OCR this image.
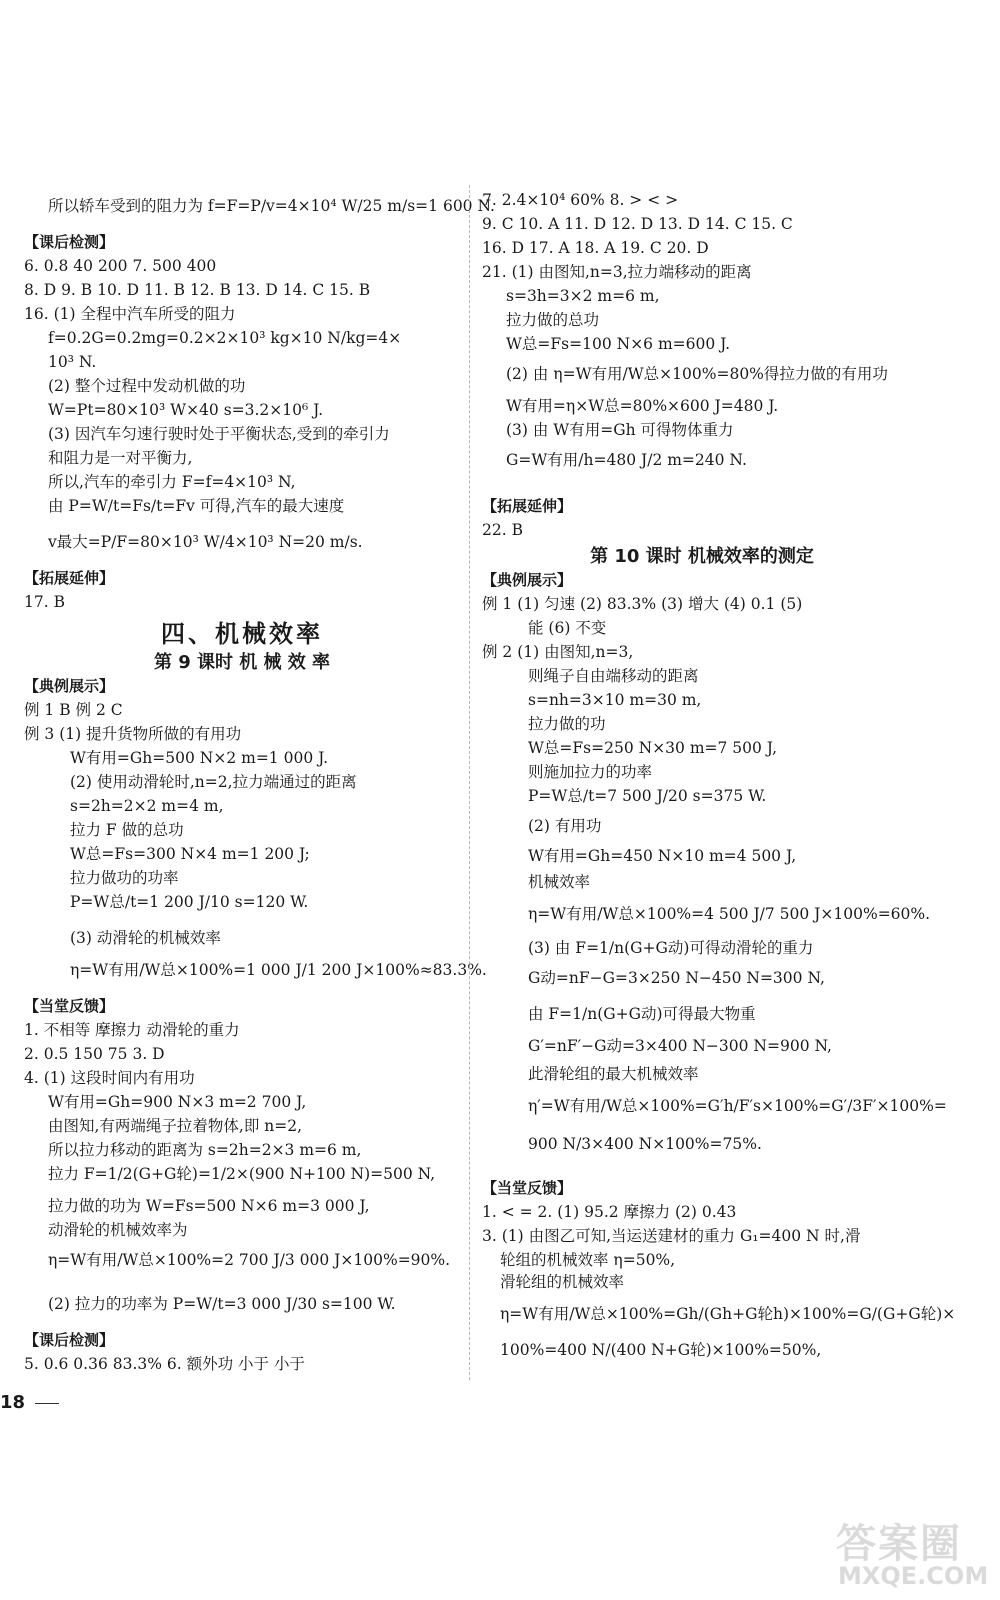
所以轿车受到的阻力为 f=F=P/v=4×10⁴ W/25 m/s=1 600 N.
【课后检测】
6. 0.8 40 200 7. 500 400
8. D 9. B 10. D 11. B 12. B 13. D 14. C 15. B
16. (1) 全程中汽车所受的阻力
f=0.2G=0.2mg=0.2×2×10³ kg×10 N/kg=4×
10³ N.
(2) 整个过程中发动机做的功
W=Pt=80×10³ W×40 s=3.2×10⁶ J.
(3) 因汽车匀速行驶时处于平衡状态,受到的牵引力
和阻力是一对平衡力,
所以,汽车的牵引力 F=f=4×10³ N,
由 P=W/t=Fs/t=Fv 可得,汽车的最大速度
v最大=P/F=80×10³ W/4×10³ N=20 m/s.
【拓展延伸】
17. B
四、机械效率
第 9 课时 机 械 效 率
【典例展示】
例 1 B 例 2 C
例 3 (1) 提升货物所做的有用功
W有用=Gh=500 N×2 m=1 000 J.
(2) 使用动滑轮时,n=2,拉力端通过的距离
s=2h=2×2 m=4 m,
拉力 F 做的总功
W总=Fs=300 N×4 m=1 200 J;
拉力做功的功率
P=W总/t=1 200 J/10 s=120 W.
(3) 动滑轮的机械效率
η=W有用/W总×100%=1 000 J/1 200 J×100%≈83.3%.
【当堂反馈】
1. 不相等 摩擦力 动滑轮的重力
2. 0.5 150 75 3. D
4. (1) 这段时间内有用功
W有用=Gh=900 N×3 m=2 700 J,
由图知,有两端绳子拉着物体,即 n=2,
所以拉力移动的距离为 s=2h=2×3 m=6 m,
拉力 F=1/2(G+G轮)=1/2×(900 N+100 N)=500 N,
拉力做的功为 W=Fs=500 N×6 m=3 000 J,
动滑轮的机械效率为
η=W有用/W总×100%=2 700 J/3 000 J×100%=90%.
(2) 拉力的功率为 P=W/t=3 000 J/30 s=100 W.
【课后检测】
5. 0.6 0.36 83.3% 6. 额外功 小于 小于
7. 2.4×10⁴ 60% 8. > < >
9. C 10. A 11. D 12. D 13. D 14. C 15. C
16. D 17. A 18. A 19. C 20. D
21. (1) 由图知,n=3,拉力端移动的距离
s=3h=3×2 m=6 m,
拉力做的总功
W总=Fs=100 N×6 m=600 J.
(2) 由 η=W有用/W总×100%=80%得拉力做的有用功
W有用=η×W总=80%×600 J=480 J.
(3) 由 W有用=Gh 可得物体重力
G=W有用/h=480 J/2 m=240 N.
【拓展延伸】
22. B
第 10 课时 机械效率的测定
【典例展示】
例 1 (1) 匀速 (2) 83.3% (3) 增大 (4) 0.1 (5)
能 (6) 不变
例 2 (1) 由图知,n=3,
则绳子自由端移动的距离
s=nh=3×10 m=30 m,
拉力做的功
W总=Fs=250 N×30 m=7 500 J,
则施加拉力的功率
P=W总/t=7 500 J/20 s=375 W.
(2) 有用功
W有用=Gh=450 N×10 m=4 500 J,
机械效率
η=W有用/W总×100%=4 500 J/7 500 J×100%=60%.
(3) 由 F=1/n(G+G动)可得动滑轮的重力
G动=nF−G=3×250 N−450 N=300 N,
由 F=1/n(G+G动)可得最大物重
G′=nF′−G动=3×400 N−300 N=900 N,
此滑轮组的最大机械效率
η′=W有用/W总×100%=G′h/F′s×100%=G′/3F′×100%=
900 N/3×400 N×100%=75%.
【当堂反馈】
1. < = 2. (1) 95.2 摩擦力 (2) 0.43
3. (1) 由图乙可知,当运送建材的重力 G₁=400 N 时,滑
轮组的机械效率 η=50%,
滑轮组的机械效率
η=W有用/W总×100%=Gh/(Gh+G轮h)×100%=G/(G+G轮)×
100%=400 N/(400 N+G轮)×100%=50%,
18
答案圈
MXQE.COM
